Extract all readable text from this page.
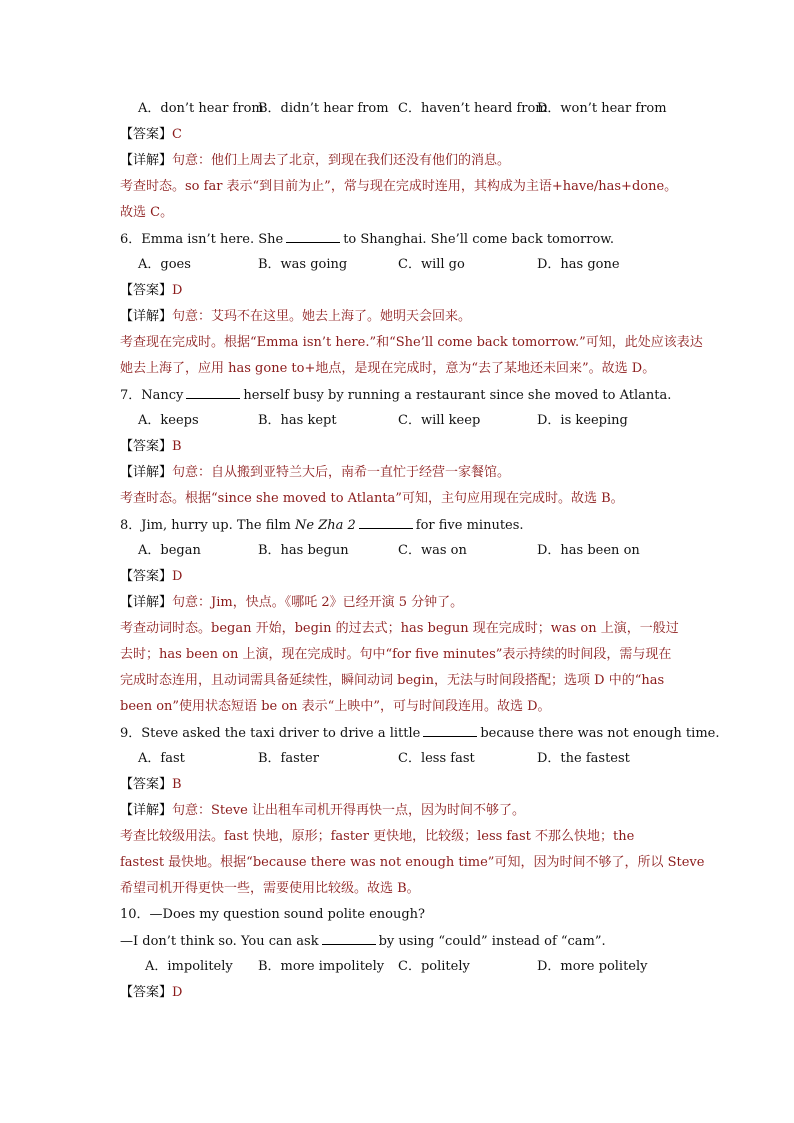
A．don’t hear from
B．didn’t hear from C．haven’t heard from
D．won’t hear from
【答案】C
【详解】句意：他们上周去了北京，到现在我们还没有他们的消息。
考查时态。so far 表示“到目前为止”，常与现在完成时连用，其构成为主语+have/has+done。
故选 C。
6．Emma isn’t here. She	to Shanghai. She’ll come back tomorrow.
A．goes	B．was going	C．will go	D．has gone
【答案】D
【详解】句意：艾玛不在这里。她去上海了。她明天会回来。
考查现在完成时。根据“Emma isn’t here.”和“She’ll come back tomorrow.”可知，此处应该表达
她去上海了，应用 has gone to+地点，是现在完成时，意为“去了某地还未回来”。故选 D。
7．Nancy	herself busy by running a restaurant since she moved to Atlanta.
A．keeps	B．has kept	C．will keep	D．is keeping
【答案】B
【详解】句意：自从搬到亚特兰大后，南希一直忙于经营一家餐馆。
考查时态。根据“since she moved to Atlanta”可知，主句应用现在完成时。故选 B。
8．Jim, hurry up. The film Ne Zha 2	for five minutes.
A．began	B．has begun	C．was on	D．has been on
【答案】D
【详解】句意：Jim，快点。《哪吒 2》已经开演 5 分钟了。
考查动词时态。began 开始，begin 的过去式；has begun 现在完成时；was on 上演，一般过
去时；has been on 上演，现在完成时。句中“for five minutes”表示持续的时间段，需与现在
完成时态连用，且动词需具备延续性，瞬间动词 begin，无法与时间段搭配；选项 D 中的“has
been on”使用状态短语 be on 表示“上映中”，可与时间段连用。故选 D。
9．Steve asked the taxi driver to drive a little	because there was not enough time.
A．fast	B．faster	C．less fast	D．the fastest
【答案】B
【详解】句意：Steve 让出租车司机开得再快一点，因为时间不够了。
考查比较级用法。fast 快地，原形；faster 更快地，比较级；less fast 不那么快地；the
fastest 最快地。根据“because there was not enough time”可知，因为时间不够了，所以 Steve
希望司机开得更快一些，需要使用比较级。故选 B。
10．—Does my question sound polite enough?
—I don’t think so. You can ask	by using “could” instead of “cam”.
A．impolitely B．more impolitely C．politely	D．more politely
【答案】D
